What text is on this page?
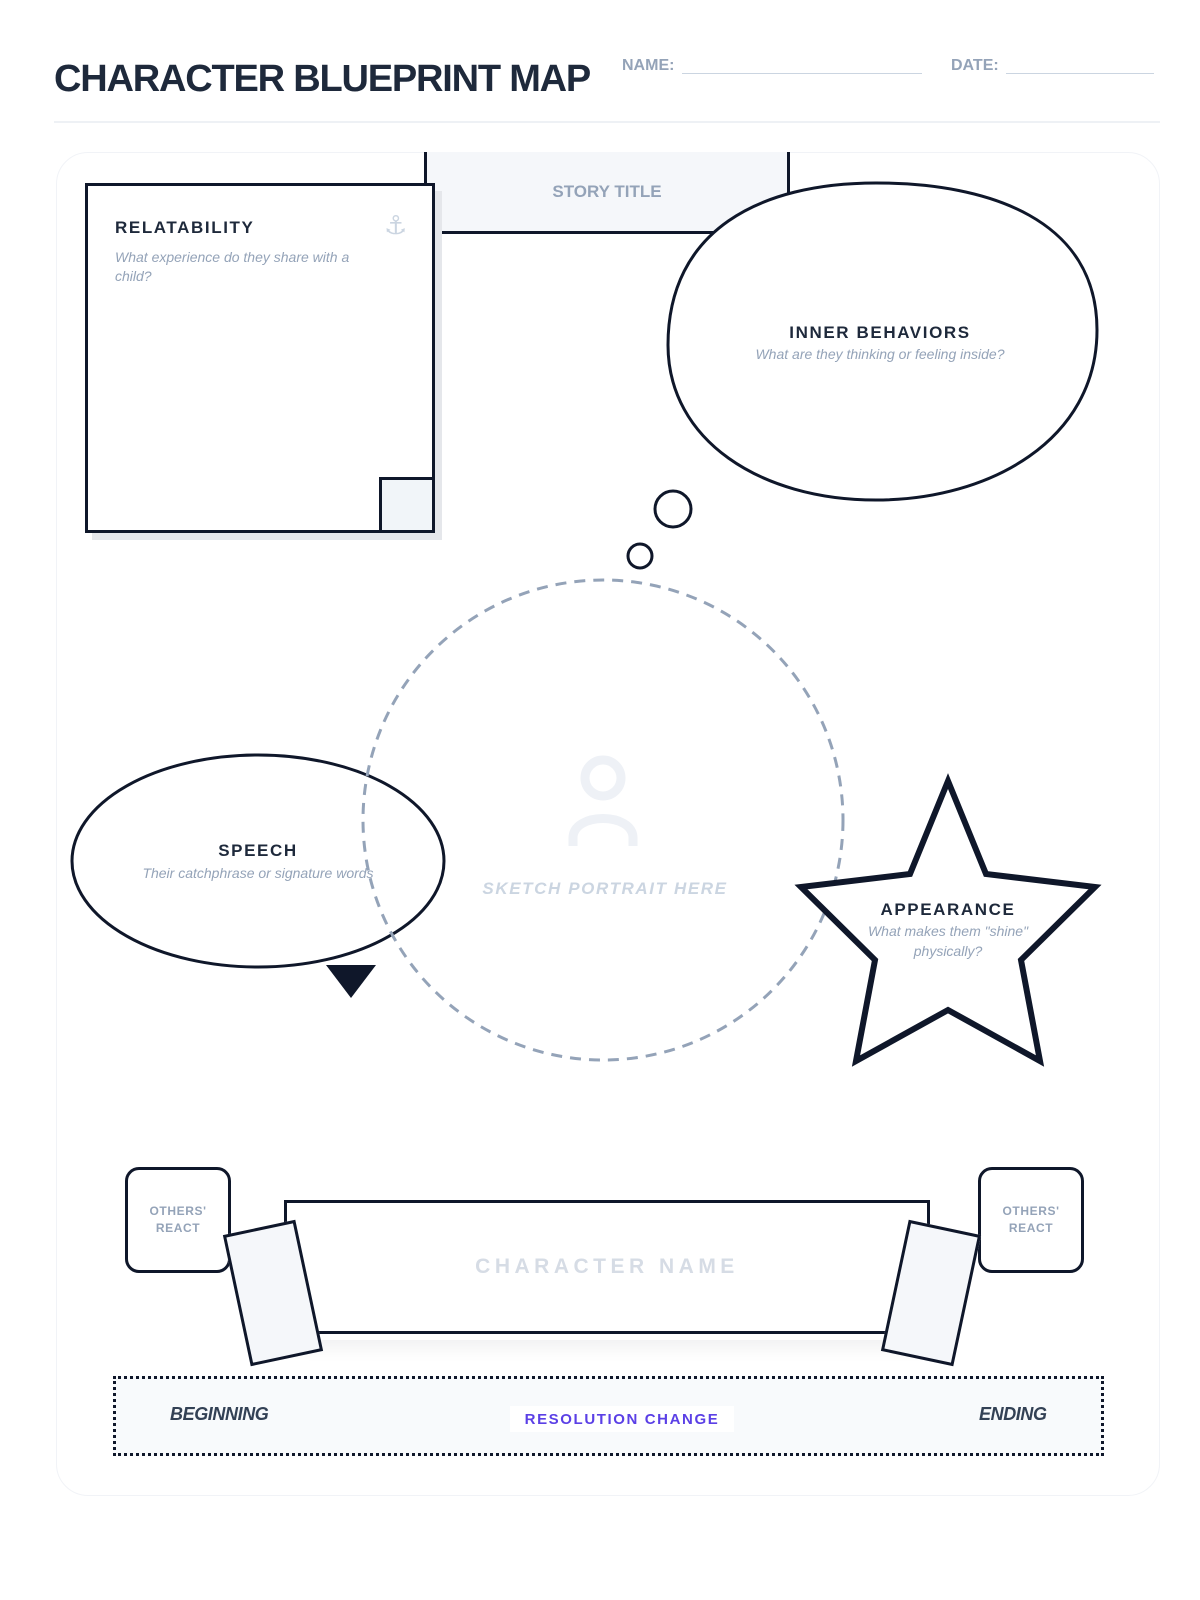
CHARACTER BLUEPRINT MAP NAME:	DATE:
STORY TITLE
RELATABILITY
What experience do they share with a child?
⚓
INNER BEHAVIORS
What are they thinking or feeling inside?
SPEECH
Their catchphrase or signature words
SKETCH PORTRAIT HERE
APPEARANCE
What makes them "shine" physically?
OTHERS' REACT
OTHERS' REACT
CHARACTER NAME
BEGINNING	RESOLUTION CHANGE	ENDING
